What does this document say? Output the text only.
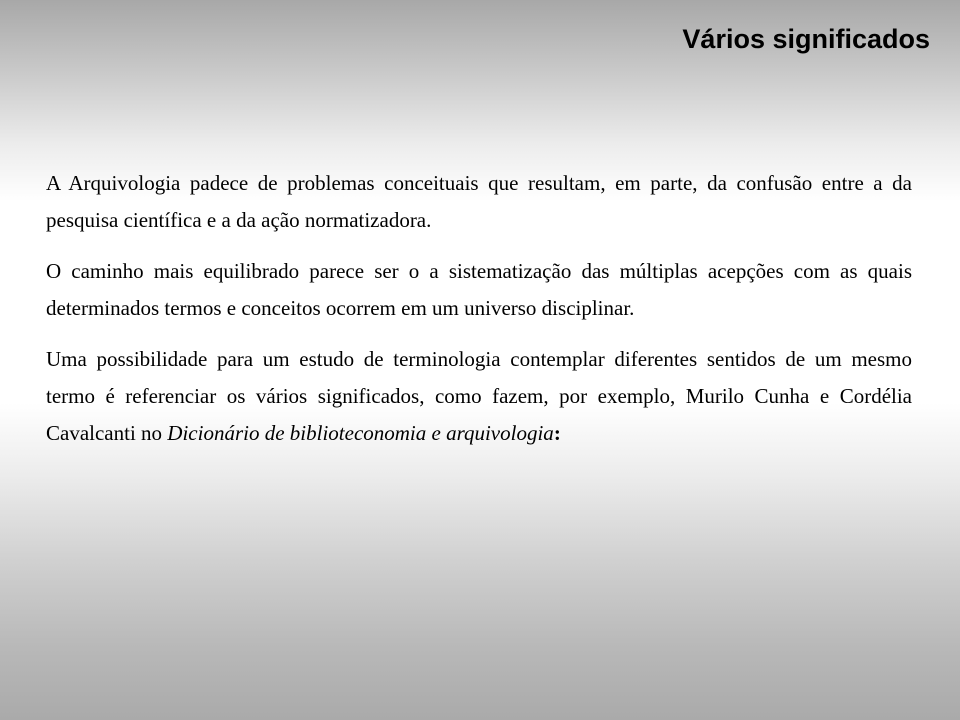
Vários significados

A Arquivologia padece de problemas conceituais que resultam, em parte, da confusão entre a da pesquisa científica e a da ação normatizadora.

O caminho mais equilibrado parece ser o a sistematização das múltiplas acepções com as quais determinados termos e conceitos ocorrem em um universo disciplinar.

Uma possibilidade para um estudo de terminologia contemplar diferentes sentidos de um mesmo termo é referenciar os vários significados, como fazem, por exemplo, Murilo Cunha e Cordélia Cavalcanti no Dicionário de biblioteconomia e arquivologia:
